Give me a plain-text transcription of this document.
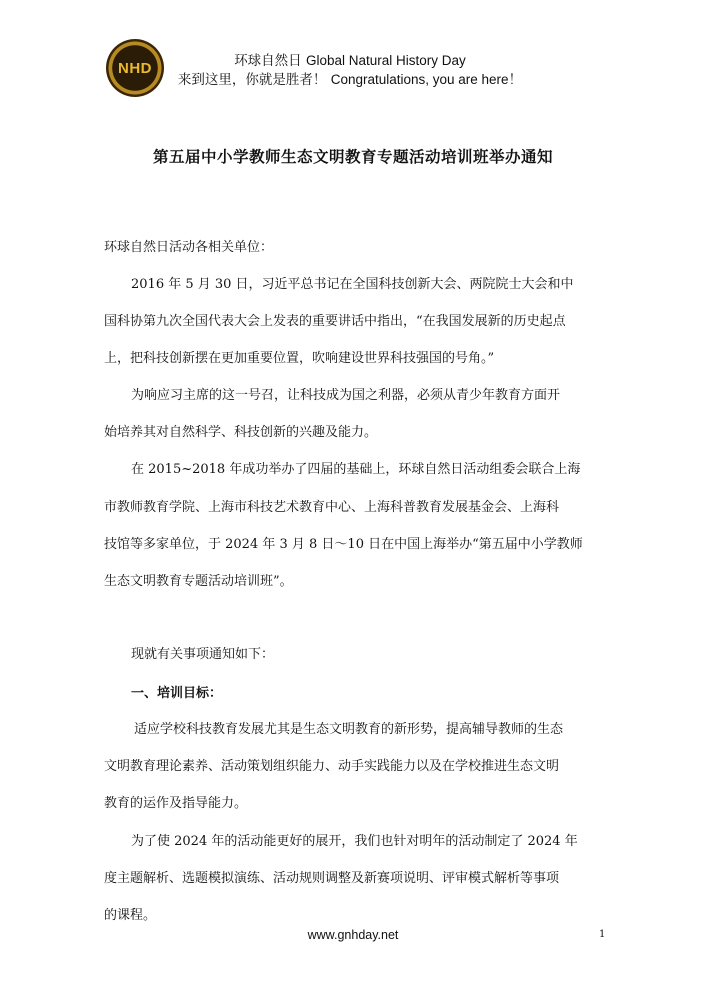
NHD	环球自然日 Global Natural History Day
来到这里，你就是胜者！ Congratulations, you are here！
第五届中小学教师生态文明教育专题活动培训班举办通知
环球自然日活动各相关单位：
2016 年 5 月 30 日，习近平总书记在全国科技创新大会、两院院士大会和中
国科协第九次全国代表大会上发表的重要讲话中指出，“在我国发展新的历史起点
上，把科技创新摆在更加重要位置，吹响建设世界科技强国的号角。”
为响应习主席的这一号召，让科技成为国之利器，必须从青少年教育方面开
始培养其对自然科学、科技创新的兴趣及能力。
在 2015~2018 年成功举办了四届的基础上，环球自然日活动组委会联合上海
市教师教育学院、上海市科技艺术教育中心、上海科普教育发展基金会、上海科
技馆等多家单位，于 2024 年 3 月 8 日～10 日在中国上海举办“第五届中小学教师
生态文明教育专题活动培训班”。
现就有关事项通知如下：
一、培训目标：
适应学校科技教育发展尤其是生态文明教育的新形势，提高辅导教师的生态
文明教育理论素养、活动策划组织能力、动手实践能力以及在学校推进生态文明
教育的运作及指导能力。
为了使 2024 年的活动能更好的展开，我们也针对明年的活动制定了 2024 年
度主题解析、选题模拟演练、活动规则调整及新赛项说明、评审模式解析等事项
的课程。
www.gnhday.net	1
